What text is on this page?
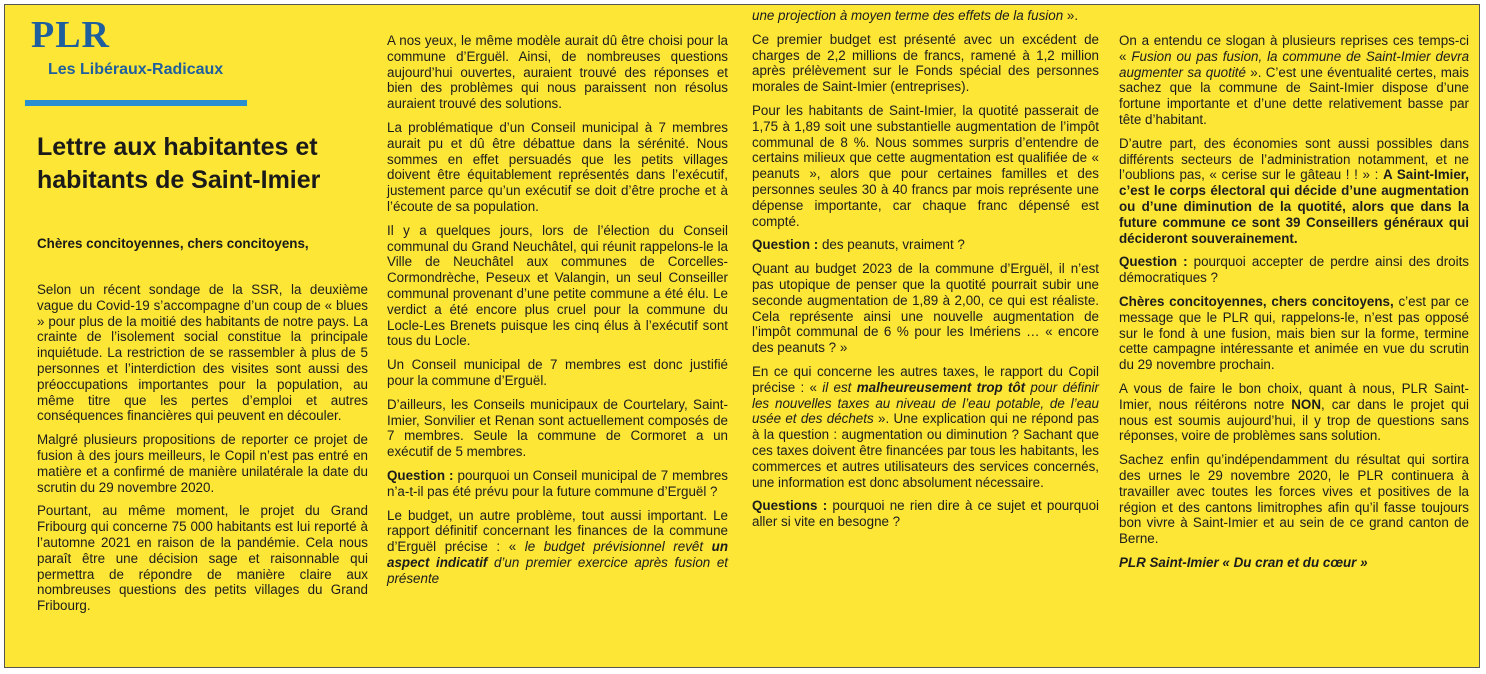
PLR
Les Libéraux-Radicaux
Lettre aux habitantes et habitants de Saint-Imier
Chères concitoyennes, chers concitoyens,

Selon un récent sondage de la SSR, la deuxième vague du Covid-19 s’accompagne d’un coup de « blues » pour plus de la moitié des habitants de notre pays. La crainte de l’isolement social constitue la principale inquiétude. La restriction de se rassembler à plus de 5 personnes et l’interdiction des visites sont aussi des préoccupations importantes pour la population, au même titre que les pertes d’emploi et autres conséquences financières qui peuvent en découler.

Malgré plusieurs propositions de reporter ce projet de fusion à des jours meilleurs, le Copil n’est pas entré en matière et a confirmé de manière unilatérale la date du scrutin du 29 novembre 2020.

Pourtant, au même moment, le projet du Grand Fribourg qui concerne 75 000 habitants est lui reporté à l’automne 2021 en raison de la pandémie. Cela nous paraît être une décision sage et raisonnable qui permettra de répondre de manière claire aux nombreuses questions des petits villages du Grand Fribourg.

A nos yeux, le même modèle aurait dû être choisi pour la commune d’Erguël. Ainsi, de nombreuses questions aujourd’hui ouvertes, auraient trouvé des réponses et bien des problèmes qui nous paraissent non résolus auraient trouvé des solutions.

La problématique d’un Conseil municipal à 7 membres aurait pu et dû être débattue dans la sérénité. Nous sommes en effet persuadés que les petits villages doivent être équitablement représentés dans l’exécutif, justement parce qu’un exécutif se doit d’être proche et à l’écoute de sa population.

Il y a quelques jours, lors de l’élection du Conseil communal du Grand Neuchâtel, qui réunit rappelons-le la Ville de Neuchâtel aux communes de Corcelles-Cormondrèche, Peseux et Valangin, un seul Conseiller communal provenant d’une petite commune a été élu. Le verdict a été encore plus cruel pour la commune du Locle-Les Brenets puisque les cinq élus à l’exécutif sont tous du Locle.

Un Conseil municipal de 7 membres est donc justifié pour la commune d’Erguël.

D’ailleurs, les Conseils municipaux de Courtelary, Saint-Imier, Sonvilier et Renan sont actuellement composés de 7 membres. Seule la commune de Cormoret a un exécutif de 5 membres.

Question : pourquoi un Conseil municipal de 7 membres n’a-t-il pas été prévu pour la future commune d’Erguël ?

Le budget, un autre problème, tout aussi important. Le rapport définitif concernant les finances de la commune d’Erguël précise : « le budget prévisionnel revêt un aspect indicatif d’un premier exercice après fusion et présente

une projection à moyen terme des effets de la fusion ».

Ce premier budget est présenté avec un excédent de charges de 2,2 millions de francs, ramené à 1,2 million après prélèvement sur le Fonds spécial des personnes morales de Saint-Imier (entreprises).

Pour les habitants de Saint-Imier, la quotité passerait de 1,75 à 1,89 soit une substantielle augmentation de l’impôt communal de 8 %. Nous sommes surpris d’entendre de certains milieux que cette augmentation est qualifiée de « peanuts », alors que pour certaines familles et des personnes seules 30 à 40 francs par mois représente une dépense importante, car chaque franc dépensé est compté.

Question : des peanuts, vraiment ?

Quant au budget 2023 de la commune d’Erguël, il n’est pas utopique de penser que la quotité pourrait subir une seconde augmentation de 1,89 à 2,00, ce qui est réaliste. Cela représente ainsi une nouvelle augmentation de l’impôt communal de 6 % pour les Imériens … « encore des peanuts ? »

En ce qui concerne les autres taxes, le rapport du Copil précise : « il est malheureusement trop tôt pour définir les nouvelles taxes au niveau de l’eau potable, de l’eau usée et des déchets ». Une explication qui ne répond pas à la question : augmentation ou diminution ? Sachant que ces taxes doivent être financées par tous les habitants, les commerces et autres utilisateurs des services concernés, une information est donc absolument nécessaire.

Questions : pourquoi ne rien dire à ce sujet et pourquoi aller si vite en besogne ?

On a entendu ce slogan à plusieurs reprises ces temps-ci « Fusion ou pas fusion, la commune de Saint-Imier devra augmenter sa quotité ». C’est une éventualité certes, mais sachez que la commune de Saint-Imier dispose d’une fortune importante et d’une dette relativement basse par tête d’habitant.

D’autre part, des économies sont aussi possibles dans différents secteurs de l’administration notamment, et ne l’oublions pas, « cerise sur le gâteau ! ! » : A Saint-Imier, c’est le corps électoral qui décide d’une augmentation ou d’une diminution de la quotité, alors que dans la future commune ce sont 39 Conseillers généraux qui décideront souverainement.

Question : pourquoi accepter de perdre ainsi des droits démocratiques ?

Chères concitoyennes, chers concitoyens, c’est par ce message que le PLR qui, rappelons-le, n’est pas opposé sur le fond à une fusion, mais bien sur la forme, termine cette campagne intéressante et animée en vue du scrutin du 29 novembre prochain.

A vous de faire le bon choix, quant à nous, PLR Saint-Imier, nous réitérons notre NON, car dans le projet qui nous est soumis aujourd’hui, il y trop de questions sans réponses, voire de problèmes sans solution.

Sachez enfin qu’indépendamment du résultat qui sortira des urnes le 29 novembre 2020, le PLR continuera à travailler avec toutes les forces vives et positives de la région et des cantons limitrophes afin qu’il fasse toujours bon vivre à Saint-Imier et au sein de ce grand canton de Berne.

PLR Saint-Imier « Du cran et du cœur »
